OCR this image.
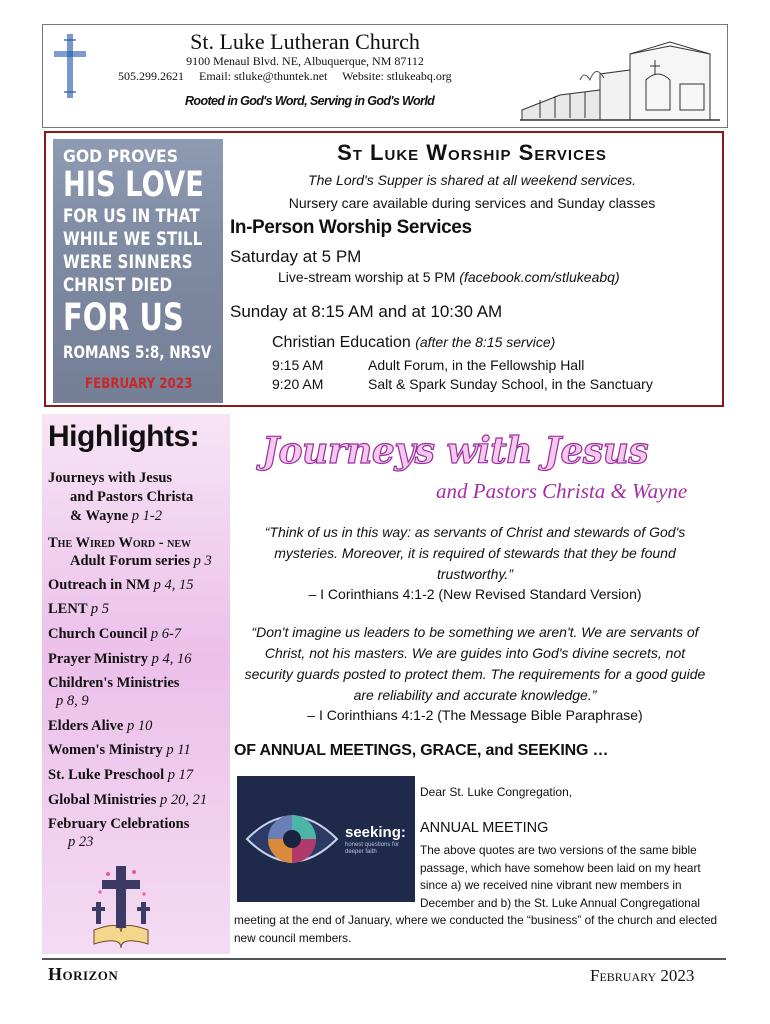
St. Luke Lutheran Church
9100 Menaul Blvd. NE, Albuquerque, NM 87112
505.299.2621 Email: stluke@thuntek.net Website: stlukeabq.org
Rooted in God's Word, Serving in God's World
GOD PROVES
HIS LOVE
FOR US IN THAT
WHILE WE STILL
WERE SINNERS
CHRIST DIED
FOR US
ROMANS 5:8, NRSV
FEBRUARY 2023
St Luke Worship Services
The Lord's Supper is shared at all weekend services.
Nursery care available during services and Sunday classes
In-Person Worship Services
Saturday at 5 PM
Live-stream worship at 5 PM (facebook.com/stlukeabq)
Sunday at 8:15 AM and at 10:30 AM
Christian Education (after the 8:15 service)
9:15 AM	Adult Forum, in the Fellowship Hall
9:20 AM	Salt & Spark Sunday School, in the Sanctuary
Highlights:
Journeys with Jesus
and Pastors Christa
& Wayne p 1-2
The Wired Word - new
Adult Forum series p 3
Outreach in NM p 4, 15
LENT p 5
Church Council p 6-7
Prayer Ministry p 4, 16
Children's Ministries
p 8, 9
Elders Alive p 10
Women's Ministry p 11
St. Luke Preschool p 17
Global Ministries p 20, 21
February Celebrations
p 23
Journeys with Jesus
and Pastors Christa & Wayne
“Think of us in this way: as servants of Christ and stewards of God's mysteries. Moreover, it is required of stewards that they be found trustworthy.”
– I Corinthians 4:1-2 (New Revised Standard Version)
“Don't imagine us leaders to be something we aren't. We are servants of Christ, not his masters. We are guides into God's divine secrets, not security guards posted to protect them. The requirements for a good guide are reliability and accurate knowledge.”
– I Corinthians 4:1-2 (The Message Bible Paraphrase)
OF ANNUAL MEETINGS, GRACE, and SEEKING …
seeking:
honest questions for deeper faith
Dear St. Luke Congregation,
ANNUAL MEETING
The above quotes are two versions of the same bible passage, which have somehow been laid on my heart since a) we received nine vibrant new members in December and b) the St. Luke Annual Congregational
meeting at the end of January, where we conducted the “business” of the church and elected new council members.
Horizon	February 2023
